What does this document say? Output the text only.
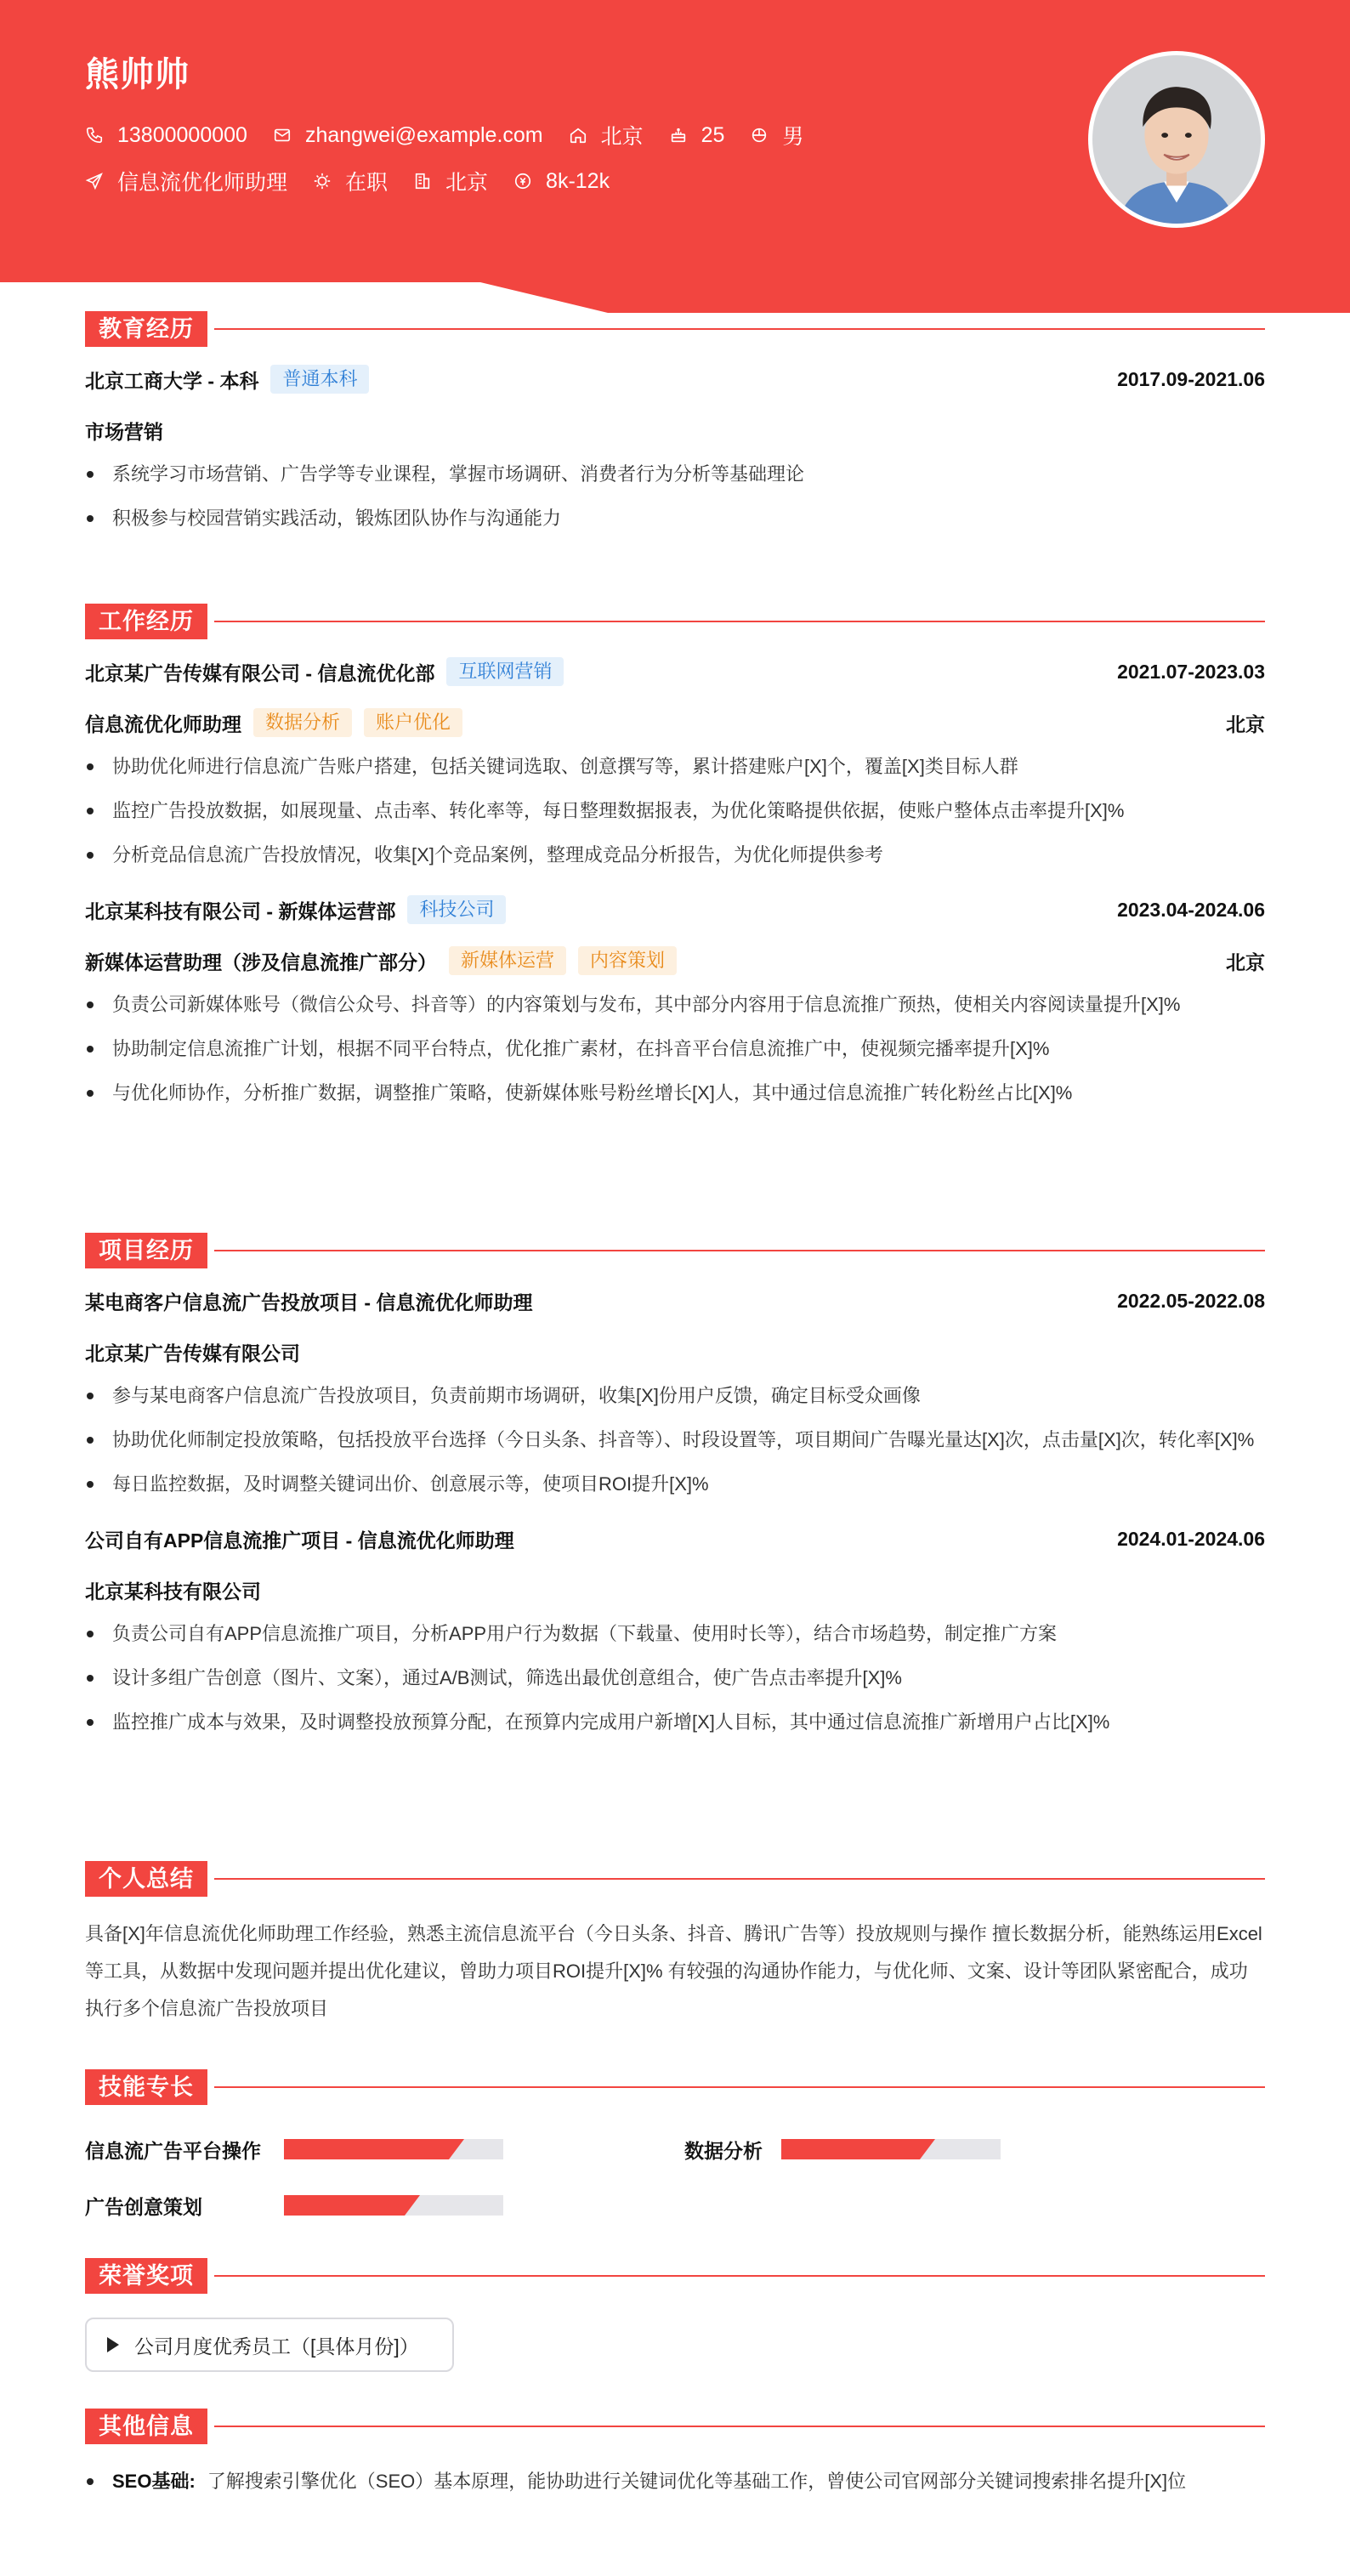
熊帅帅
13800000000	zhangwei@example.com	北京	25	男
信息流优化师助理	在职	北京	8k-12k
教育经历
北京工商大学 - 本科	普通本科	2017.09-2021.06
市场营销
系统学习市场营销、广告学等专业课程，掌握市场调研、消费者行为分析等基础理论
积极参与校园营销实践活动，锻炼团队协作与沟通能力
工作经历
北京某广告传媒有限公司 - 信息流优化部	互联网营销	2021.07-2023.03
信息流优化师助理	数据分析	账户优化	北京
协助优化师进行信息流广告账户搭建，包括关键词选取、创意撰写等，累计搭建账户[X]个，覆盖[X]类目标人群
监控广告投放数据，如展现量、点击率、转化率等，每日整理数据报表，为优化策略提供依据，使账户整体点击率提升[X]%
分析竞品信息流广告投放情况，收集[X]个竞品案例，整理成竞品分析报告，为优化师提供参考
北京某科技有限公司 - 新媒体运营部	科技公司	2023.04-2024.06
新媒体运营助理（涉及信息流推广部分）	新媒体运营	内容策划	北京
负责公司新媒体账号（微信公众号、抖音等）的内容策划与发布，其中部分内容用于信息流推广预热，使相关内容阅读量提升[X]%
协助制定信息流推广计划，根据不同平台特点，优化推广素材，在抖音平台信息流推广中，使视频完播率提升[X]%
与优化师协作，分析推广数据，调整推广策略，使新媒体账号粉丝增长[X]人，其中通过信息流推广转化粉丝占比[X]%
项目经历
某电商客户信息流广告投放项目 - 信息流优化师助理	2022.05-2022.08
北京某广告传媒有限公司
参与某电商客户信息流广告投放项目，负责前期市场调研，收集[X]份用户反馈，确定目标受众画像
协助优化师制定投放策略，包括投放平台选择（今日头条、抖音等）、时段设置等，项目期间广告曝光量达[X]次，点击量[X]次，转化率[X]%
每日监控数据，及时调整关键词出价、创意展示等，使项目ROI提升[X]%
公司自有APP信息流推广项目 - 信息流优化师助理	2024.01-2024.06
北京某科技有限公司
负责公司自有APP信息流推广项目，分析APP用户行为数据（下载量、使用时长等），结合市场趋势，制定推广方案
设计多组广告创意（图片、文案），通过A/B测试，筛选出最优创意组合，使广告点击率提升[X]%
监控推广成本与效果，及时调整投放预算分配，在预算内完成用户新增[X]人目标，其中通过信息流推广新增用户占比[X]%
个人总结

具备[X]年信息流优化师助理工作经验，熟悉主流信息流平台（今日头条、抖音、腾讯广告等）投放规则与操作 擅长数据分析，能熟练运用Excel等工具，从数据中发现问题并提出优化建议，曾助力项目ROI提升[X]% 有较强的沟通协作能力，与优化师、文案、设计等团队紧密配合，成功执行多个信息流广告投放项目

技能专长
信息流广告平台操作	数据分析
广告创意策划
荣誉奖项
公司月度优秀员工（[具体月份]）
其他信息
SEO基础: 了解搜索引擎优化（SEO）基本原理，能协助进行关键词优化等基础工作，曾使公司官网部分关键词搜索排名提升[X]位
